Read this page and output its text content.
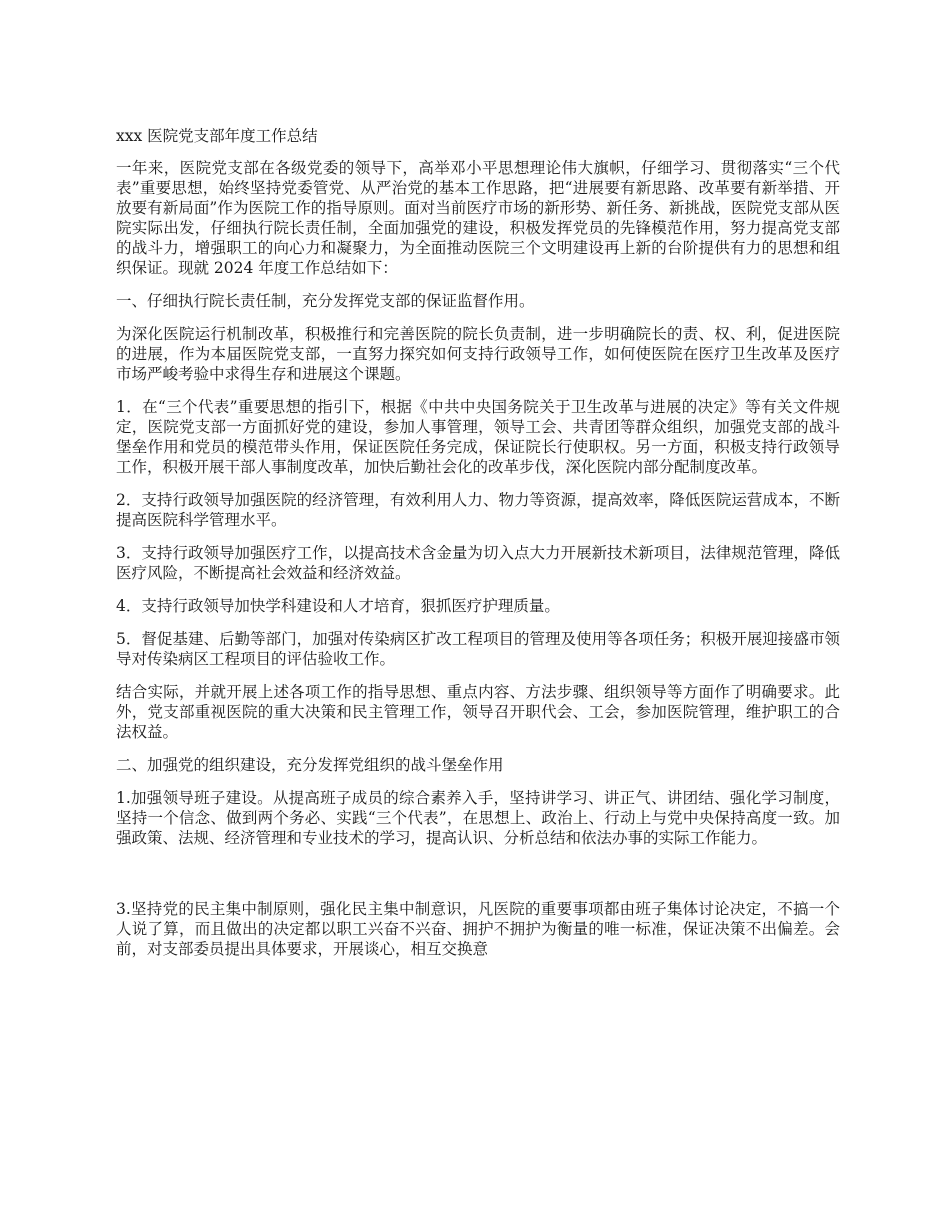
xxx 医院党支部年度工作总结

一年来，医院党支部在各级党委的领导下，高举邓小平思想理论伟大旗帜，仔细学习、贯彻落实“三个代表”重要思想，始终坚持党委管党、从严治党的基本工作思路，把“进展要有新思路、改革要有新举措、开放要有新局面”作为医院工作的指导原则。面对当前医疗市场的新形势、新任务、新挑战，医院党支部从医院实际出发，仔细执行院长责任制，全面加强党的建设，积极发挥党员的先锋模范作用，努力提高党支部的战斗力，增强职工的向心力和凝聚力，为全面推动医院三个文明建设再上新的台阶提供有力的思想和组织保证。现就 2024 年度工作总结如下：

一、仔细执行院长责任制，充分发挥党支部的保证监督作用。

为深化医院运行机制改革，积极推行和完善医院的院长负责制，进一步明确院长的责、权、利，促进医院的进展，作为本届医院党支部，一直努力探究如何支持行政领导工作，如何使医院在医疗卫生改革及医疗市场严峻考验中求得生存和进展这个课题。

1．在“三个代表”重要思想的指引下，根据《中共中央国务院关于卫生改革与进展的决定》等有关文件规定，医院党支部一方面抓好党的建设，参加人事管理，领导工会、共青团等群众组织，加强党支部的战斗堡垒作用和党员的模范带头作用，保证医院任务完成，保证院长行使职权。另一方面，积极支持行政领导工作，积极开展干部人事制度改革，加快后勤社会化的改革步伐，深化医院内部分配制度改革。

2．支持行政领导加强医院的经济管理，有效利用人力、物力等资源，提高效率，降低医院运营成本，不断提高医院科学管理水平。

3．支持行政领导加强医疗工作，以提高技术含金量为切入点大力开展新技术新项目，法律规范管理，降低医疗风险，不断提高社会效益和经济效益。

4．支持行政领导加快学科建设和人才培育，狠抓医疗护理质量。

5．督促基建、后勤等部门，加强对传染病区扩改工程项目的管理及使用等各项任务；积极开展迎接盛市领导对传染病区工程项目的评估验收工作。

结合实际，并就开展上述各项工作的指导思想、重点内容、方法步骤、组织领导等方面作了明确要求。此外，党支部重视医院的重大决策和民主管理工作，领导召开职代会、工会，参加医院管理，维护职工的合法权益。

二、加强党的组织建设，充分发挥党组织的战斗堡垒作用

1.加强领导班子建设。从提高班子成员的综合素养入手，坚持讲学习、讲正气、讲团结、强化学习制度，坚持一个信念、做到两个务必、实践“三个代表”，在思想上、政治上、行动上与党中央保持高度一致。加强政策、法规、经济管理和专业技术的学习，提高认识、分析总结和依法办事的实际工作能力。

3.坚持党的民主集中制原则，强化民主集中制意识，凡医院的重要事项都由班子集体讨论决定，不搞一个人说了算，而且做出的决定都以职工兴奋不兴奋、拥护不拥护为衡量的唯一标准，保证决策不出偏差。会前，对支部委员提出具体要求，开展谈心，相互交换意
